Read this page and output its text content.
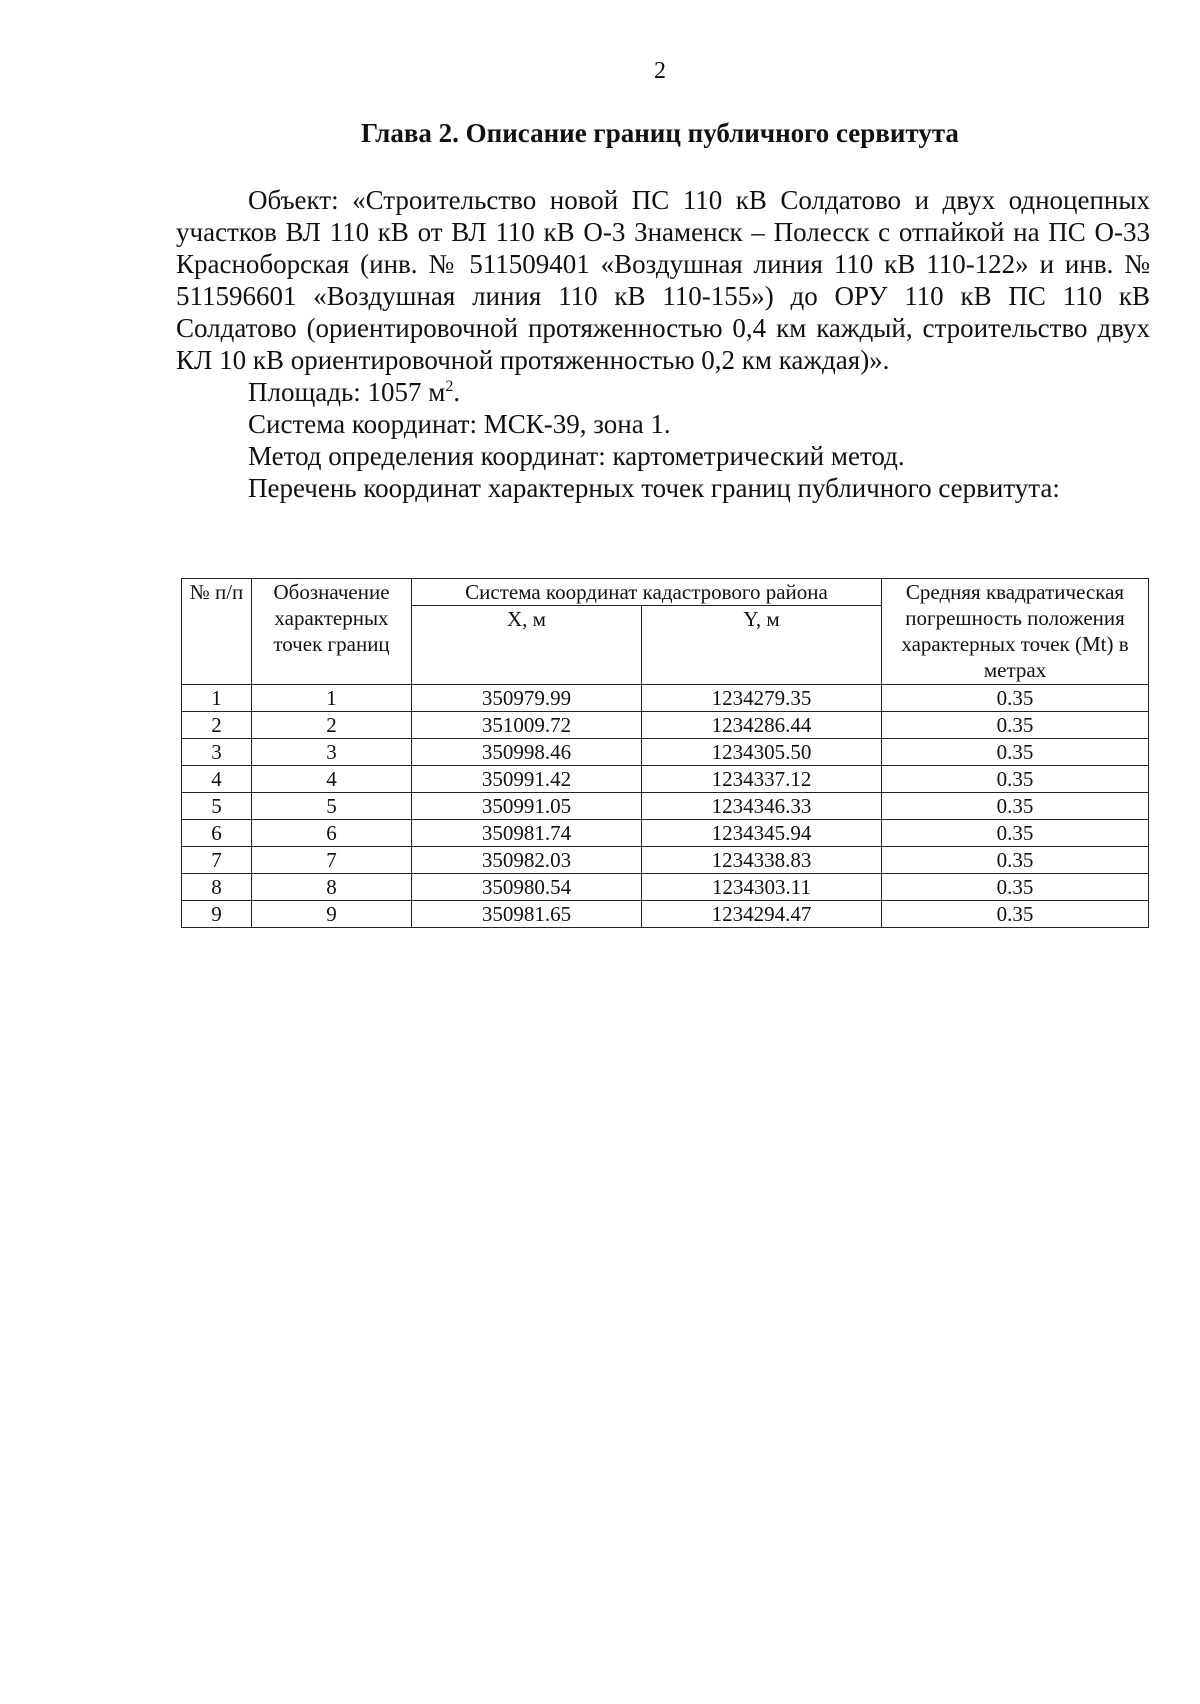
2
Глава 2. Описание границ публичного сервитута

Объект: «Строительство новой ПС 110 кВ Солдатово и двух одноцепных участков ВЛ 110 кВ от ВЛ 110 кВ О-3 Знаменск – Полесск с отпайкой на ПС О-33 Красноборская (инв. № 511509401 «Воздушная линия 110 кВ 110-122» и инв. № 511596601 «Воздушная линия 110 кВ 110-155») до ОРУ 110 кВ ПС 110 кВ Солдатово (ориентировочной протяженностью 0,4 км каждый, строительство двух КЛ 10 кВ ориентировочной протяженностью 0,2 км каждая)».

Площадь: 1057 $м^2$.

Система координат: МСК-39, зона 1.

Метод определения координат: картометрический метод.

Перечень координат характерных точек границ публичного сервитута:

№ п/п	Обозначение характерных точек границ	Система координат кадастрового района		Средняя квадратическая погрешность положения характерных точек (Mt) в метрах
		X, м	Y, м	
1	1	350979.99	1234279.35	0.35
2	2	351009.72	1234286.44	0.35
3	3	350998.46	1234305.50	0.35
4	4	350991.42	1234337.12	0.35
5	5	350991.05	1234346.33	0.35
6	6	350981.74	1234345.94	0.35
7	7	350982.03	1234338.83	0.35
8	8	350980.54	1234303.11	0.35
9	9	350981.65	1234294.47	0.35
